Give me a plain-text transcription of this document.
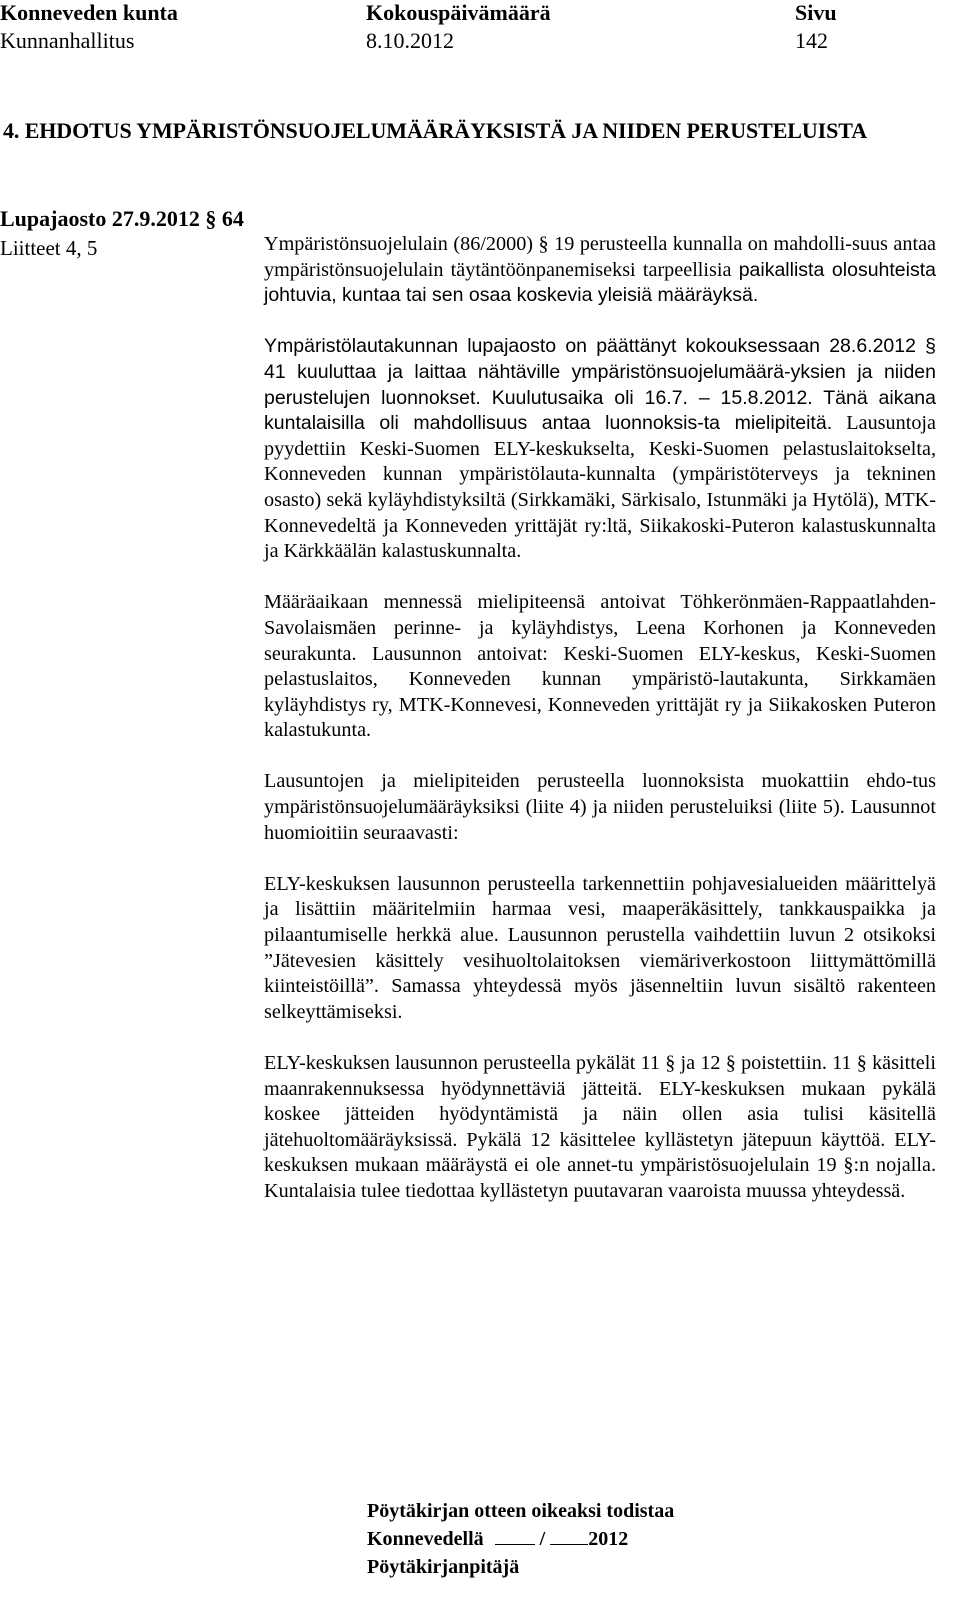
Konneveden kunta
Kunnanhallitus
Kokouspäivämäärä
8.10.2012
Sivu
142
4. EHDOTUS YMPÄRISTÖNSUOJELUMÄÄRÄYKSISTÄ JA NIIDEN PERUSTELUISTA
Lupajaosto 27.9.2012 § 64
Liitteet 4, 5	Ympäristönsuojelulain (86/2000) § 19 perusteella kunnalla on mahdolli-suus antaa ympäristönsuojelulain täytäntöönpanemiseksi tarpeellisia paikallista olosuhteista johtuvia, kuntaa tai sen osaa koskevia yleisiä määräyksä.

Ympäristölautakunnan lupajaosto on päättänyt kokouksessaan 28.6.2012 § 41 kuuluttaa ja laittaa nähtäville ympäristönsuojelumäärä-yksien ja niiden perustelujen luonnokset. Kuulutusaika oli 16.7. – 15.8.2012. Tänä aikana kuntalaisilla oli mahdollisuus antaa luonnoksis-ta mielipiteitä. Lausuntoja pyydettiin Keski-Suomen ELY-keskukselta, Keski-Suomen pelastuslaitokselta, Konneveden kunnan ympäristölauta-kunnalta (ympäristöterveys ja tekninen osasto) sekä kyläyhdistyksiltä (Sirkkamäki, Särkisalo, Istunmäki ja Hytölä), MTK-Konnevedeltä ja Konneveden yrittäjät ry:ltä, Siikakoski-Puteron kalastuskunnalta ja Kärkkäälän kalastuskunnalta.

Määräaikaan mennessä mielipiteensä antoivat Töhkerönmäen-Rappaatlahden-Savolaismäen perinne- ja kyläyhdistys, Leena Korhonen ja Konneveden seurakunta. Lausunnon antoivat: Keski-Suomen ELY-keskus, Keski-Suomen pelastuslaitos, Konneveden kunnan ympäristö-lautakunta, Sirkkamäen kyläyhdistys ry, MTK-Konnevesi, Konneveden yrittäjät ry ja Siikakosken Puteron kalastukunta.

Lausuntojen ja mielipiteiden perusteella luonnoksista muokattiin ehdo-tus ympäristönsuojelumääräyksiksi (liite 4) ja niiden perusteluiksi (liite 5). Lausunnot huomioitiin seuraavasti:

ELY-keskuksen lausunnon perusteella tarkennettiin pohjavesialueiden määrittelyä ja lisättiin määritelmiin harmaa vesi, maaperäkäsittely, tankkauspaikka ja pilaantumiselle herkkä alue. Lausunnon perustella vaihdettiin luvun 2 otsikoksi ”Jätevesien käsittely vesihuoltolaitoksen viemäriverkostoon liittymättömillä kiinteistöillä”. Samassa yhteydessä myös jäsenneltiin luvun sisältö rakenteen selkeyttämiseksi.

ELY-keskuksen lausunnon perusteella pykälät 11 § ja 12 § poistettiin. 11 § käsitteli maanrakennuksessa hyödynnettäviä jätteitä. ELY-keskuksen mukaan pykälä koskee jätteiden hyödyntämistä ja näin ollen asia tulisi käsitellä jätehuoltomääräyksissä. Pykälä 12 käsittelee kyllästetyn jätepuun käyttöä. ELY-keskuksen mukaan määräystä ei ole annet-tu ympäristösuojelulain 19 §:n nojalla. Kuntalaisia tulee tiedottaa kyllästetyn puutavaran vaaroista muussa yhteydessä.

Pöytäkirjan otteen oikeaksi todistaa
Konnevedellä	/ 2012
Pöytäkirjanpitäjä
